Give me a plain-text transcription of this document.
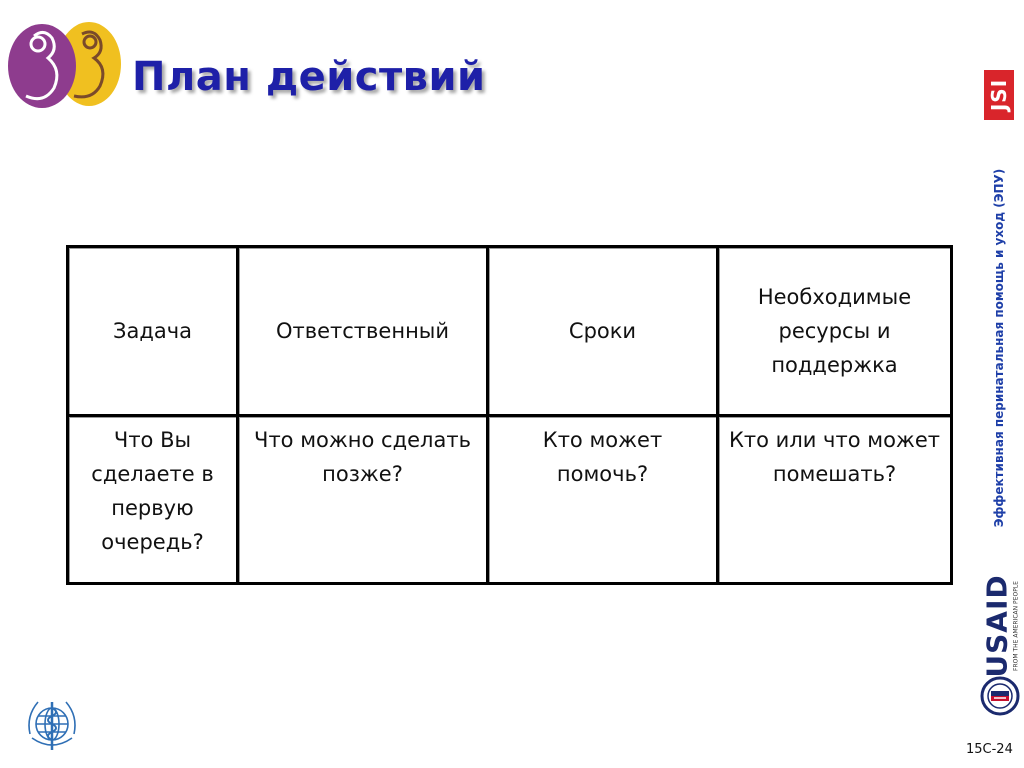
План действий	JSI
Эффективная перинатальная помощь и уход (ЭПУ)
Задача	Ответственный	Сроки	Необходимые ресурсы и поддержка
Что Вы сделаете в первую очередь?	Что можно сделать позже?	Кто может помочь?	Кто или что может помешать?
USAID FROM THE AMERICAN PEOPLE
15C-24
